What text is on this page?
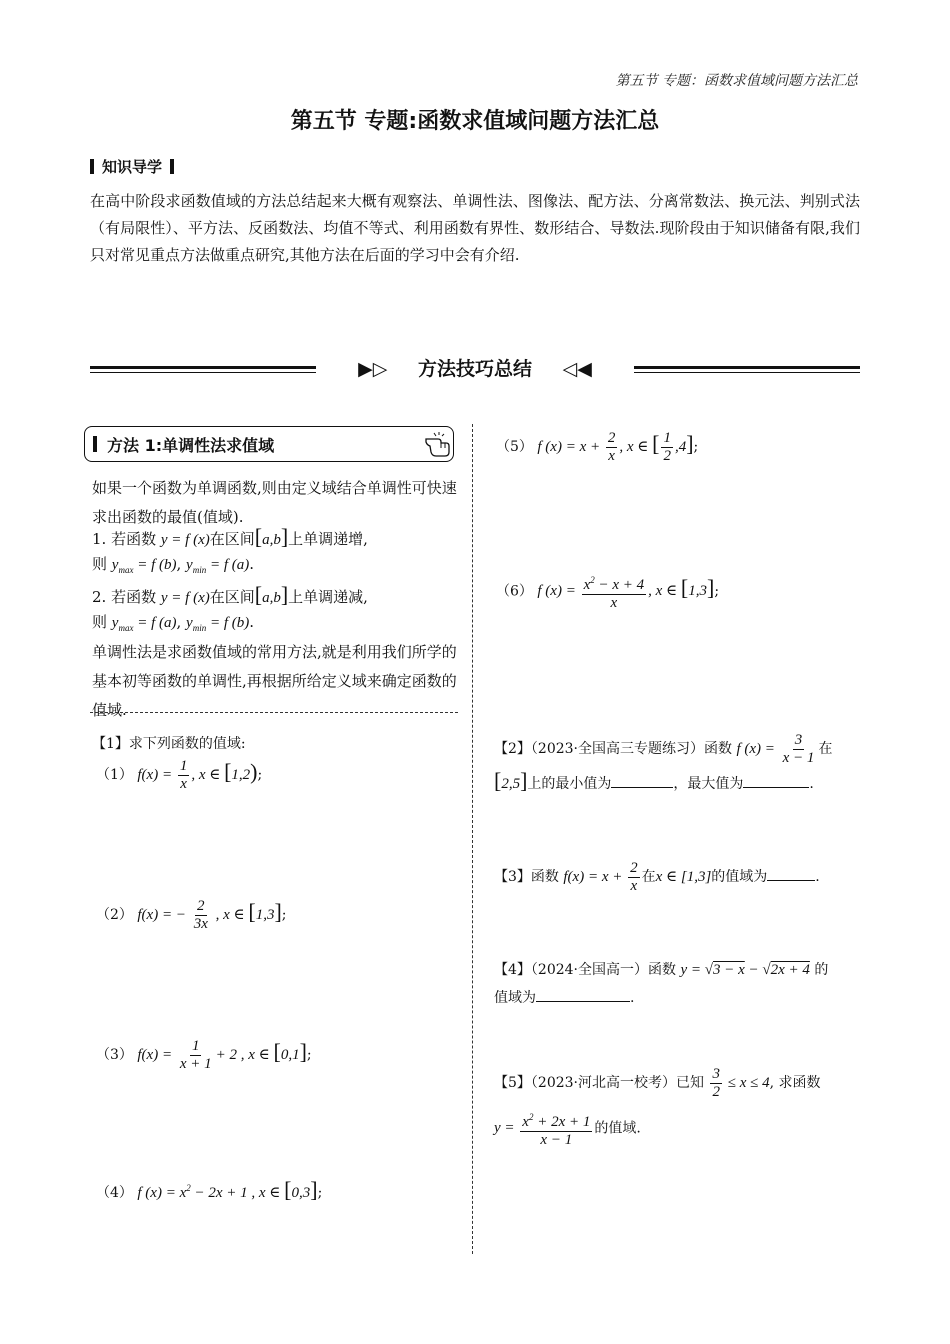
第五节 专题：函数求值域问题方法汇总
第五节 专题:函数求值域问题方法汇总
知识导学
在高中阶段求函数值域的方法总结起来大概有观察法、单调性法、图像法、配方法、分离常数法、换元法、判别式法（有局限性）、平方法、反函数法、均值不等式、利用函数有界性、数形结合、导数法.现阶段由于知识储备有限,我们只对常见重点方法做重点研究,其他方法在后面的学习中会有介绍.
▶▷ 方法技巧总结 ◁◀
方法 1:单调性法求值域
如果一个函数为单调函数,则由定义域结合单调性可快速求出函数的最值(值域).
1. 若函数 y = f (x)在区间[a,b]上单调递增,
则 $y_{max} = f$ (b), $y_{min} = f$ (a).
2. 若函数 y = f (x)在区间[a,b]上单调递减,
则 $y_{max} = f$ (a), $y_{min} = f$ (b).
单调性法是求函数值域的常用方法,就是利用我们所学的基本初等函数的单调性,再根据所给定义域来确定函数的值域.
【1】求下列函数的值域:
（1） $f(x) = \frac{1}{x}$ , x ∈ [1,2);
（2） f(x) = − $\frac{2}{3x}$ , x ∈ [1,3];
（3） $f(x) = \frac{1}{x + 1} + 2$ , x ∈ [0,1];
（4） f $(x) = x^2 - 2x + 1$ , x ∈ [0,3];
（5） f $(x) = x + \frac{2}{x}$ , x ∈ [ $\frac{1}{2} ,4$];
（6） f $(x) = \frac{x^2 - x + 4}{x}$ , x ∈ [1,3];
【2】（2023·全国高三专题练习）函数 f $(x) = \frac{3}{x - 1}$ 在
[2,5]上的最小值为	，最大值为	.
【3】函数 $f(x) = x + \frac{2}{x}$ 在x ∈ [1,3]的值域为	.
【4】（2024·全国高一）函数 y = √3 − x − √2x + 4 的
值域为	.
【5】（2023·河北高一校考）已知 $\frac{3}{2} \le x \le 4$, 求函数
$y = \frac{x^2 + 2x + 1}{x - 1}$ 的值域.
